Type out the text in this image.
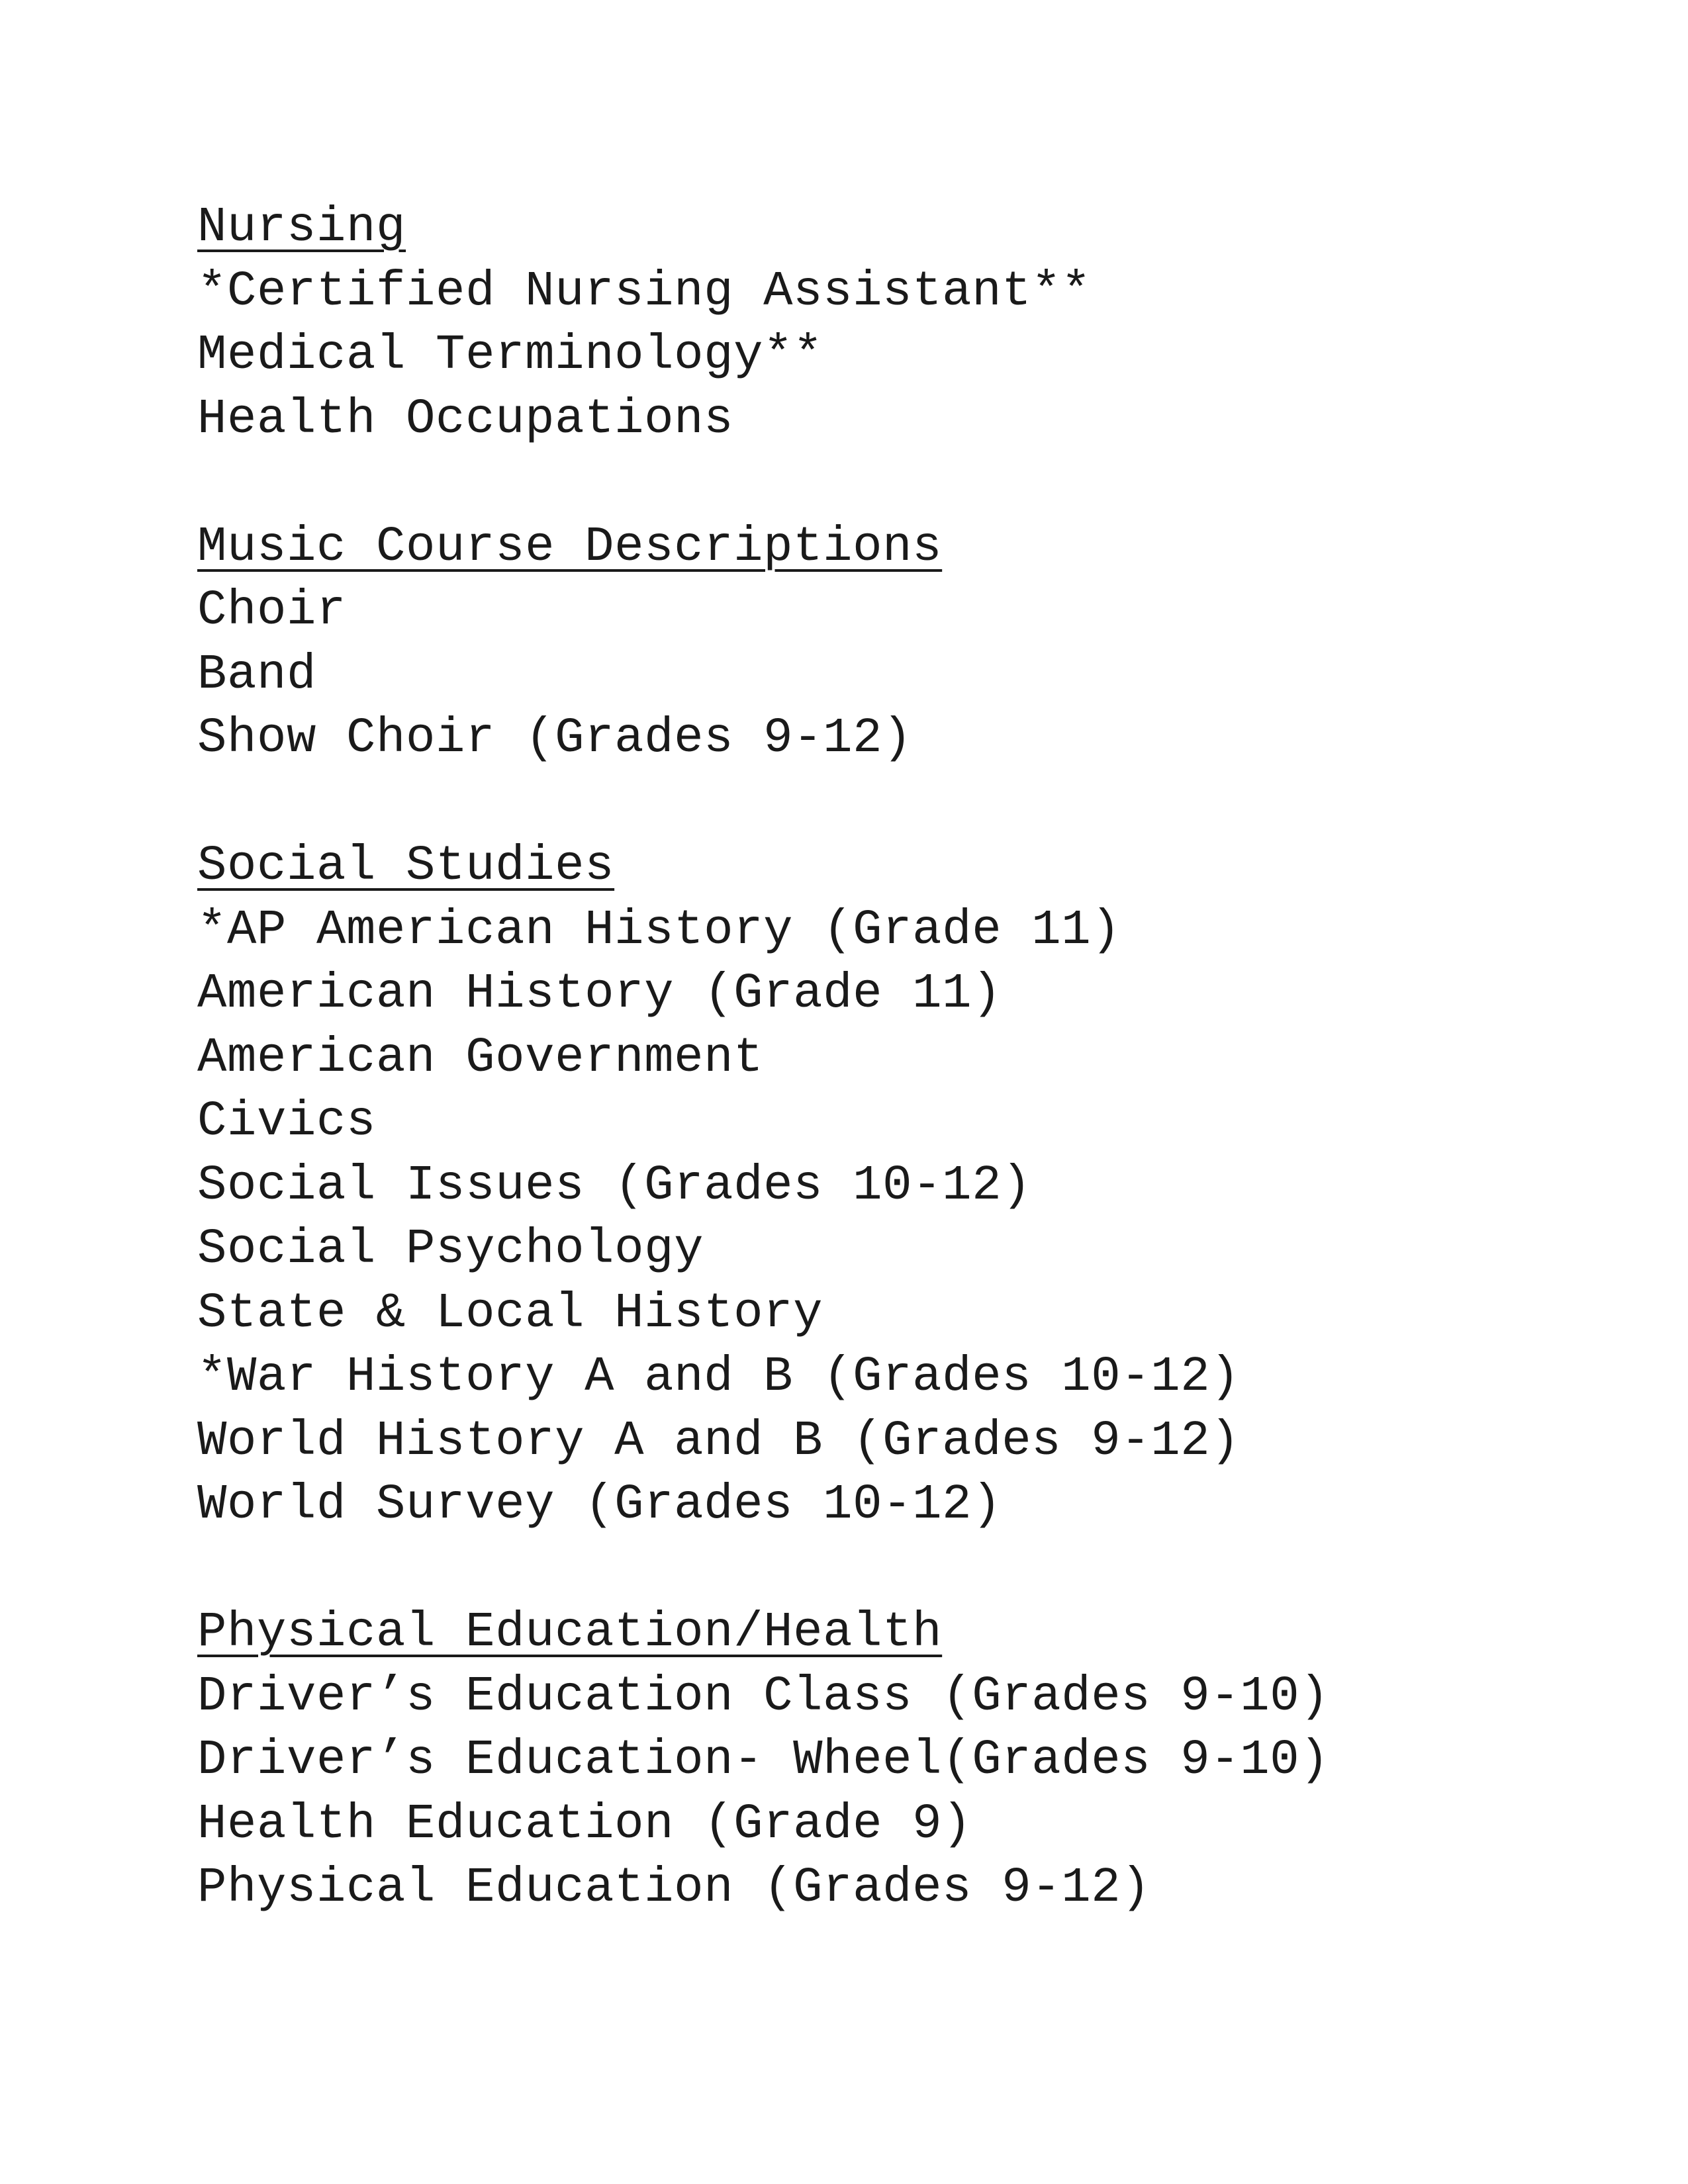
Nursing
*Certified Nursing Assistant**
Medical Terminology**
Health Occupations
Music Course Descriptions
Choir
Band
Show Choir (Grades 9-12)
Social Studies
*AP American History (Grade 11)
American History (Grade 11)
American Government
Civics
Social Issues (Grades 10-12)
Social Psychology
State & Local History
*War History A and B (Grades 10-12)
World History A and B (Grades 9-12)
World Survey (Grades 10-12)
Physical Education/Health
Driver’s Education Class (Grades 9-10)
Driver’s Education- Wheel(Grades 9-10)
Health Education (Grade 9)
Physical Education (Grades 9-12)
